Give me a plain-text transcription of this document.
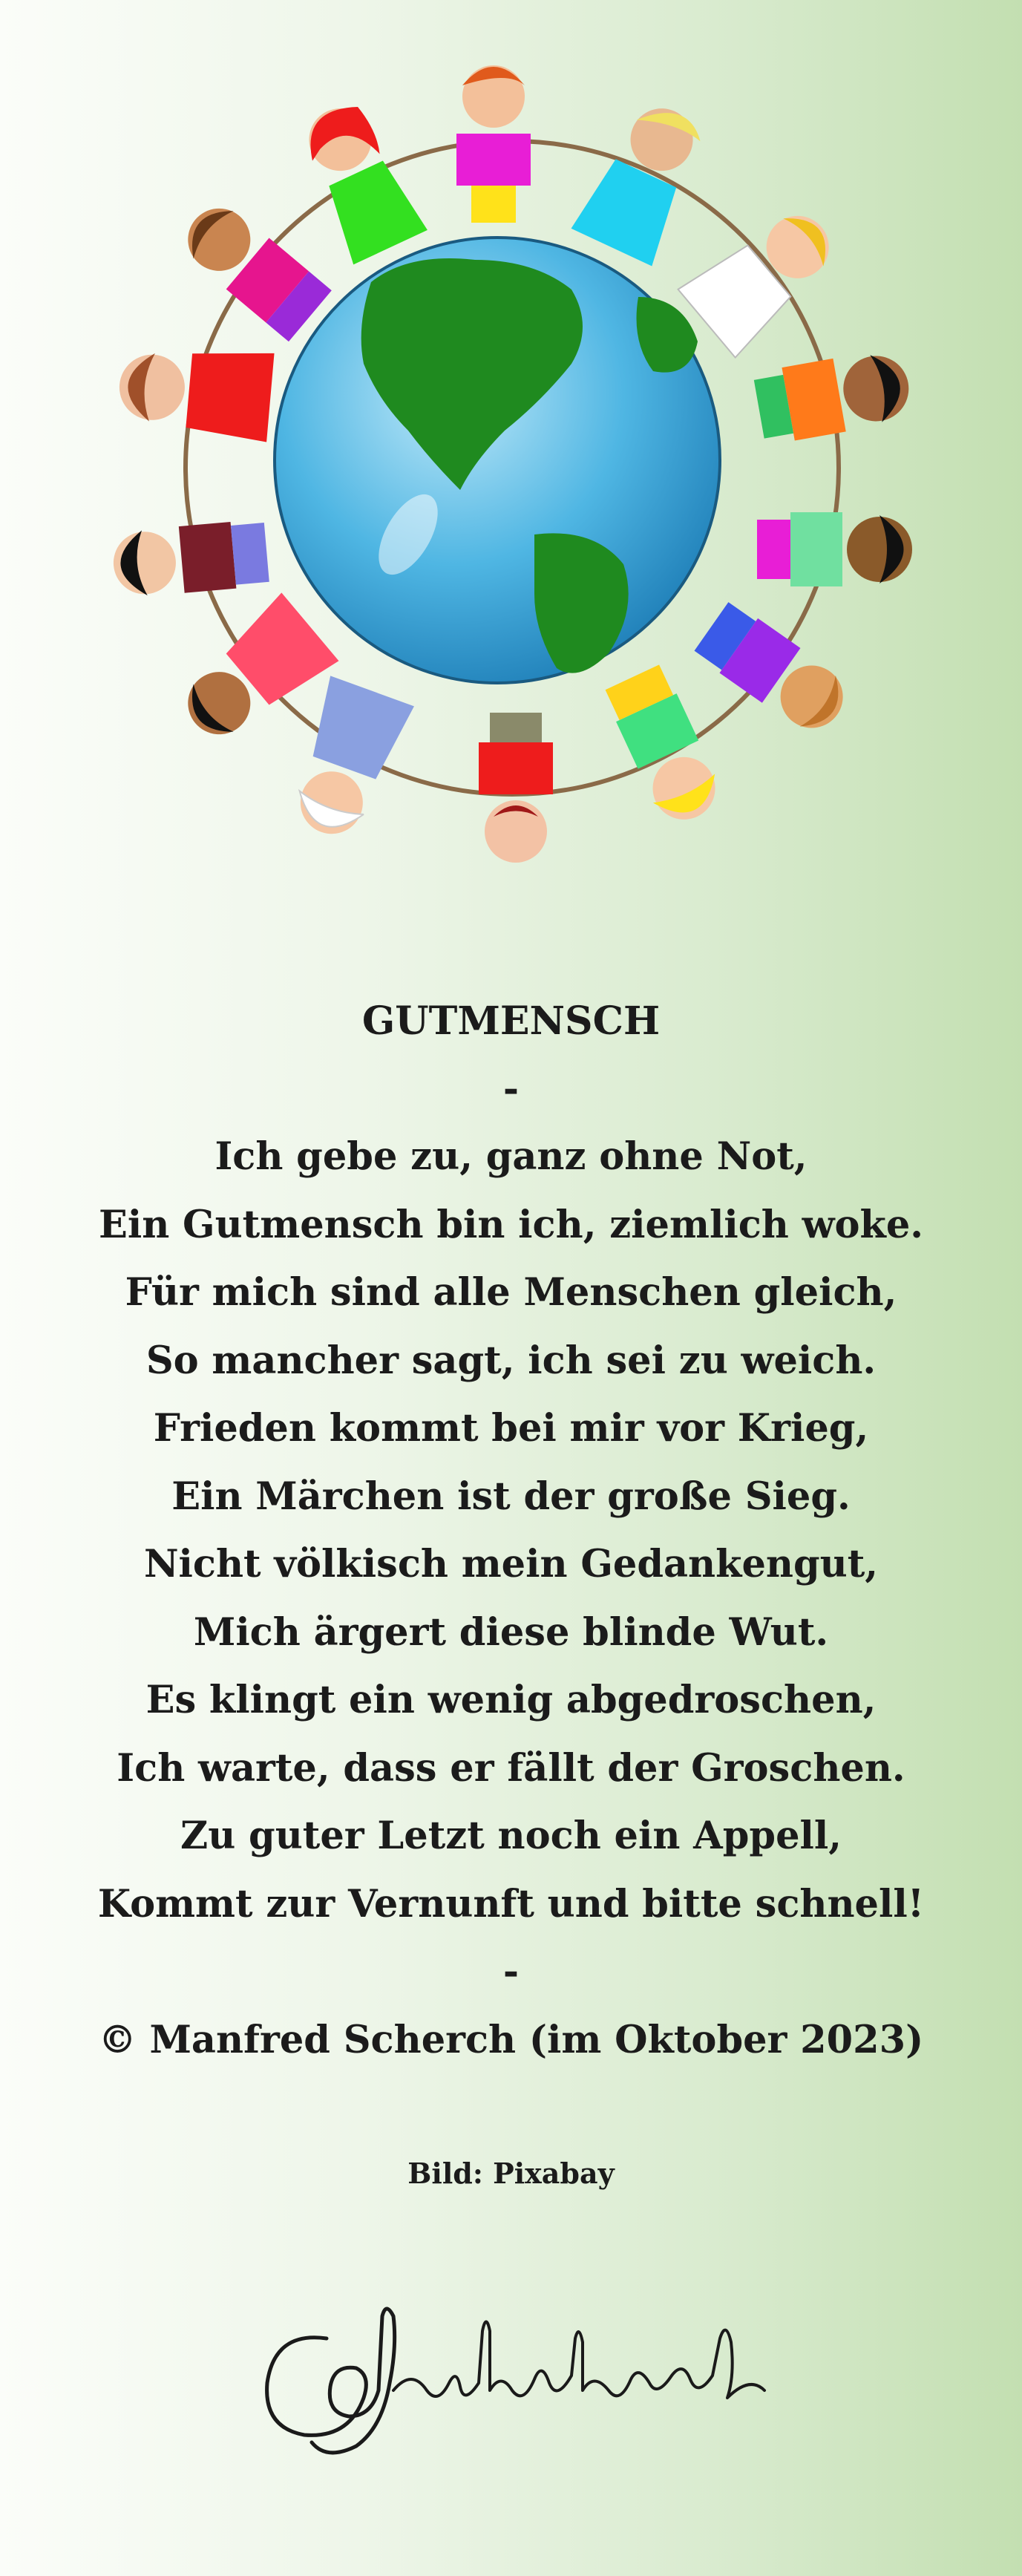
GUTMENSCH
-
Ich gebe zu, ganz ohne Not,
Ein Gutmensch bin ich, ziemlich woke.
Für mich sind alle Menschen gleich,
So mancher sagt, ich sei zu weich.
Frieden kommt bei mir vor Krieg,
Ein Märchen ist der große Sieg.
Nicht völkisch mein Gedankengut,
Mich ärgert diese blinde Wut.
Es klingt ein wenig abgedroschen,
Ich warte, dass er fällt der Groschen.
Zu guter Letzt noch ein Appell,
Kommt zur Vernunft und bitte schnell!
-
© Manfred Scherch (im Oktober 2023)
Bild: Pixabay
